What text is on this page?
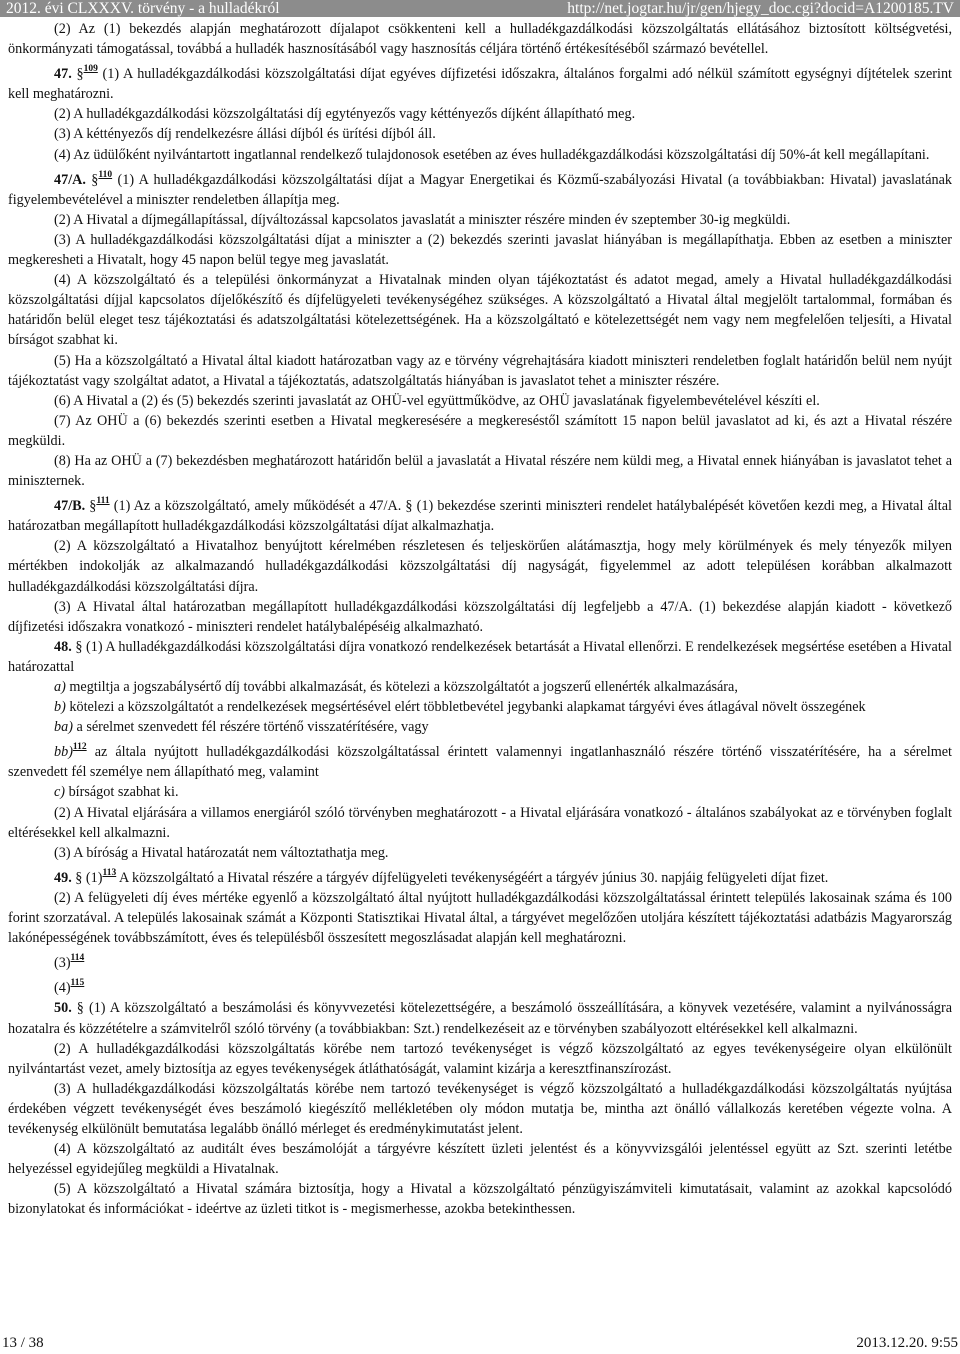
2012. évi CLXXXV. törvény - a hulladékról	http://net.jogtar.hu/jr/gen/hjegy_doc.cgi?docid=A1200185.TV

(2) Az (1) bekezdés alapján meghatározott díjalapot csökkenteni kell a hulladékgazdálkodási közszolgáltatás ellátásához biztosított költségvetési, önkormányzati támogatással, továbbá a hulladék hasznosításából vagy hasznosítás céljára történő értékesítéséből származó bevétellel.

47. §$^{109}$ (1) A hulladékgazdálkodási közszolgáltatási díjat egyéves díjfizetési időszakra, általános forgalmi adó nélkül számított egységnyi díjtételek szerint kell meghatározni.

(2) A hulladékgazdálkodási közszolgáltatási díj egytényezős vagy kéttényezős díjként állapítható meg.

(3) A kéttényezős díj rendelkezésre állási díjból és ürítési díjból áll.

(4) Az üdülőként nyilvántartott ingatlannal rendelkező tulajdonosok esetében az éves hulladékgazdálkodási közszolgáltatási díj 50%-át kell megállapítani.

47/A. §$^{110}$ (1) A hulladékgazdálkodási közszolgáltatási díjat a Magyar Energetikai és Közmű-szabályozási Hivatal (a továbbiakban: Hivatal) javaslatának figyelembevételével a miniszter rendeletben állapítja meg.

(2) A Hivatal a díjmegállapítással, díjváltozással kapcsolatos javaslatát a miniszter részére minden év szeptember 30-ig megküldi.

(3) A hulladékgazdálkodási közszolgáltatási díjat a miniszter a (2) bekezdés szerinti javaslat hiányában is megállapíthatja. Ebben az esetben a miniszter megkeresheti a Hivatalt, hogy 45 napon belül tegye meg javaslatát.

(4) A közszolgáltató és a települési önkormányzat a Hivatalnak minden olyan tájékoztatást és adatot megad, amely a Hivatal hulladékgazdálkodási közszolgáltatási díjjal kapcsolatos díjelőkészítő és díjfelügyeleti tevékenységéhez szükséges. A közszolgáltató a Hivatal által megjelölt tartalommal, formában és határidőn belül eleget tesz tájékoztatási és adatszolgáltatási kötelezettségének. Ha a közszolgáltató e kötelezettségét nem vagy nem megfelelően teljesíti, a Hivatal bírságot szabhat ki.

(5) Ha a közszolgáltató a Hivatal által kiadott határozatban vagy az e törvény végrehajtására kiadott miniszteri rendeletben foglalt határidőn belül nem nyújt tájékoztatást vagy szolgáltat adatot, a Hivatal a tájékoztatás, adatszolgáltatás hiányában is javaslatot tehet a miniszter részére.

(6) A Hivatal a (2) és (5) bekezdés szerinti javaslatát az OHÜ-vel együttműködve, az OHÜ javaslatának figyelembevételével készíti el.

(7) Az OHÜ a (6) bekezdés szerinti esetben a Hivatal megkeresésére a megkereséstől számított 15 napon belül javaslatot ad ki, és azt a Hivatal részére megküldi.

(8) Ha az OHÜ a (7) bekezdésben meghatározott határidőn belül a javaslatát a Hivatal részére nem küldi meg, a Hivatal ennek hiányában is javaslatot tehet a miniszternek.

47/B. §$^{111}$ (1) Az a közszolgáltató, amely működését a 47/A. § (1) bekezdése szerinti miniszteri rendelet hatálybalépését követően kezdi meg, a Hivatal által határozatban megállapított hulladékgazdálkodási közszolgáltatási díjat alkalmazhatja.

(2) A közszolgáltató a Hivatalhoz benyújtott kérelmében részletesen és teljeskörűen alátámasztja, hogy mely körülmények és mely tényezők milyen mértékben indokolják az alkalmazandó hulladékgazdálkodási közszolgáltatási díj nagyságát, figyelemmel az adott településen korábban alkalmazott hulladékgazdálkodási közszolgáltatási díjra.

(3) A Hivatal által határozatban megállapított hulladékgazdálkodási közszolgáltatási díj legfeljebb a 47/A. (1) bekezdése alapján kiadott - következő díjfizetési időszakra vonatkozó - miniszteri rendelet hatálybalépéséig alkalmazható.

48. § (1) A hulladékgazdálkodási közszolgáltatási díjra vonatkozó rendelkezések betartását a Hivatal ellenőrzi. E rendelkezések megsértése esetében a Hivatal határozattal

a) megtiltja a jogszabálysértő díj további alkalmazását, és kötelezi a közszolgáltatót a jogszerű ellenérték alkalmazására,

b) kötelezi a közszolgáltatót a rendelkezések megsértésével elért többletbevétel jegybanki alapkamat tárgyévi éves átlagával növelt összegének

ba) a sérelmet szenvedett fél részére történő visszatérítésére, vagy

bb)$^{112}$ az általa nyújtott hulladékgazdálkodási közszolgáltatással érintett valamennyi ingatlanhasználó részére történő visszatérítésére, ha a sérelmet szenvedett fél személye nem állapítható meg, valamint

c) bírságot szabhat ki.

(2) A Hivatal eljárására a villamos energiáról szóló törvényben meghatározott - a Hivatal eljárására vonatkozó - általános szabályokat az e törvényben foglalt eltérésekkel kell alkalmazni.

(3) A bíróság a Hivatal határozatát nem változtathatja meg.

49. § $(1)^{113}$ A közszolgáltató a Hivatal részére a tárgyév díjfelügyeleti tevékenységéért a tárgyév június 30. napjáig felügyeleti díjat fizet.

(2) A felügyeleti díj éves mértéke egyenlő a közszolgáltató által nyújtott hulladékgazdálkodási közszolgáltatással érintett település lakosainak száma és 100 forint szorzatával. A település lakosainak számát a Központi Statisztikai Hivatal által, a tárgyévet megelőzően utoljára készített tájékoztatási adatbázis Magyarország lakónépességének továbbszámított, éves és településből összesített megoszlásadat alapján kell meghatározni.

$(3)^{114}$

$(4)^{115}$

50. § (1) A közszolgáltató a beszámolási és könyvvezetési kötelezettségére, a beszámoló összeállítására, a könyvek vezetésére, valamint a nyilvánosságra hozatalra és közzétételre a számvitelről szóló törvény (a továbbiakban: Szt.) rendelkezéseit az e törvényben szabályozott eltérésekkel kell alkalmazni.

(2) A hulladékgazdálkodási közszolgáltatás körébe nem tartozó tevékenységet is végző közszolgáltató az egyes tevékenységeire olyan elkülönült nyilvántartást vezet, amely biztosítja az egyes tevékenységek átláthatóságát, valamint kizárja a keresztfinanszírozást.

(3) A hulladékgazdálkodási közszolgáltatás körébe nem tartozó tevékenységet is végző közszolgáltató a hulladékgazdálkodási közszolgáltatás nyújtása érdekében végzett tevékenységét éves beszámoló kiegészítő mellékletében oly módon mutatja be, mintha azt önálló vállalkozás keretében végezte volna. A tevékenység elkülönült bemutatása legalább önálló mérleget és eredménykimutatást jelent.

(4) A közszolgáltató az auditált éves beszámolóját a tárgyévre készített üzleti jelentést és a könyvvizsgálói jelentéssel együtt az Szt. szerinti letétbe helyezéssel egyidejűleg megküldi a Hivatalnak.

(5) A közszolgáltató a Hivatal számára biztosítja, hogy a Hivatal a közszolgáltató pénzügyiszámviteli kimutatásait, valamint az azokkal kapcsolódó bizonylatokat és információkat - ideértve az üzleti titkot is - megismerhesse, azokba betekinthessen.

13 / 38	2013.12.20. 9:55
